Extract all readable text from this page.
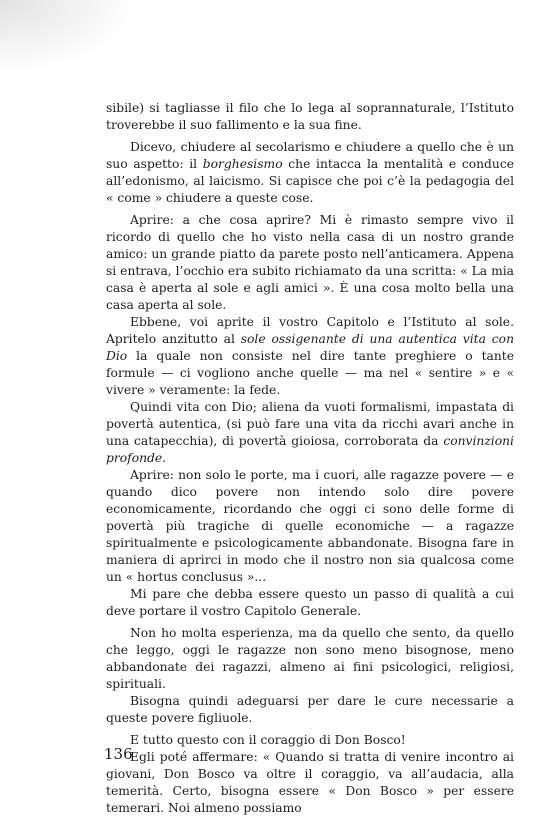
sibile) si tagliasse il filo che lo lega al soprannaturale, l’Istituto troverebbe il suo fallimento e la sua fine.

Dicevo, chiudere al secolarismo e chiudere a quello che è un suo aspetto: il borghesismo che intacca la mentalità e conduce all’edonismo, al laicismo. Si capisce che poi c’è la pedagogia del « come » chiudere a queste cose.

Aprire: a che cosa aprire? Mi è rimasto sempre vivo il ricordo di quello che ho visto nella casa di un nostro grande amico: un grande piatto da parete posto nell’anticamera. Appena si entrava, l’occhio era subito richiamato da una scritta: « La mia casa è aperta al sole e agli amici ». È una cosa molto bella una casa aperta al sole.

Ebbene, voi aprite il vostro Capitolo e l’Istituto al sole. Apritelo anzitutto al sole ossigenante di una autentica vita con Dio la quale non consiste nel dire tante preghiere o tante formule — ci vogliono anche quelle — ma nel « sentire » e « vivere » veramente: la fede.

Quindi vita con Dio; aliena da vuoti formalismi, impastata di povertà autentica, (si può fare una vita da ricchi avari anche in una catapecchia), di povertà gioiosa, corroborata da convinzioni profonde.

Aprire: non solo le porte, ma i cuori, alle ragazze povere — e quando dico povere non intendo solo dire povere economicamente, ricordando che oggi ci sono delle forme di povertà più tragiche di quelle economiche — a ragazze spiritualmente e psicologicamente abbandonate. Bisogna fare in maniera di aprirci in modo che il nostro non sia qualcosa come un « hortus conclusus »...

Mi pare che debba essere questo un passo di qualità a cui deve portare il vostro Capitolo Generale.

Non ho molta esperienza, ma da quello che sento, da quello che leggo, oggi le ragazze non sono meno bisognose, meno abbandonate dei ragazzi, almeno ai fini psicologici, religiosi, spirituali.

Bisogna quindi adeguarsi per dare le cure necessarie a queste povere figliuole.

E tutto questo con il coraggio di Don Bosco!

Egli poté affermare: « Quando si tratta di venire incontro ai giovani, Don Bosco va oltre il coraggio, va all’audacia, alla temerità. Certo, bisogna essere « Don Bosco » per essere temerari. Noi almeno possiamo

136
